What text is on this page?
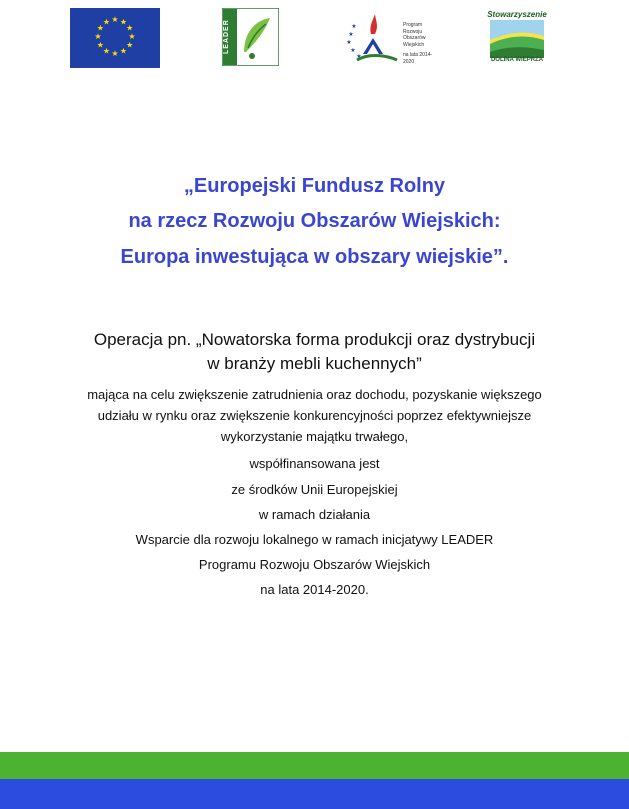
★ ★
★
★
★
★
★
★
★
★
★
★	LEADER	★
★
★
★
★
Program
Rozwoju
Obszarów
Wiejskich
na lata 2014-2020
Stowarzyszenie
DOLINA WIEPRZA
„Europejski Fundusz Rolny
na rzecz Rozwoju Obszarów Wiejskich:
Europa inwestująca w obszary wiejskie”.
Operacja pn. „Nowatorska forma produkcji oraz dystrybucji
w branży mebli kuchennych”
mająca na celu zwiększenie zatrudnienia oraz dochodu, pozyskanie większego
udziału w rynku oraz zwiększenie konkurencyjności poprzez efektywniejsze
wykorzystanie majątku trwałego,
współfinansowana jest
ze środków Unii Europejskiej
w ramach działania
Wsparcie dla rozwoju lokalnego w ramach inicjatywy LEADER
Programu Rozwoju Obszarów Wiejskich
na lata 2014-2020.
